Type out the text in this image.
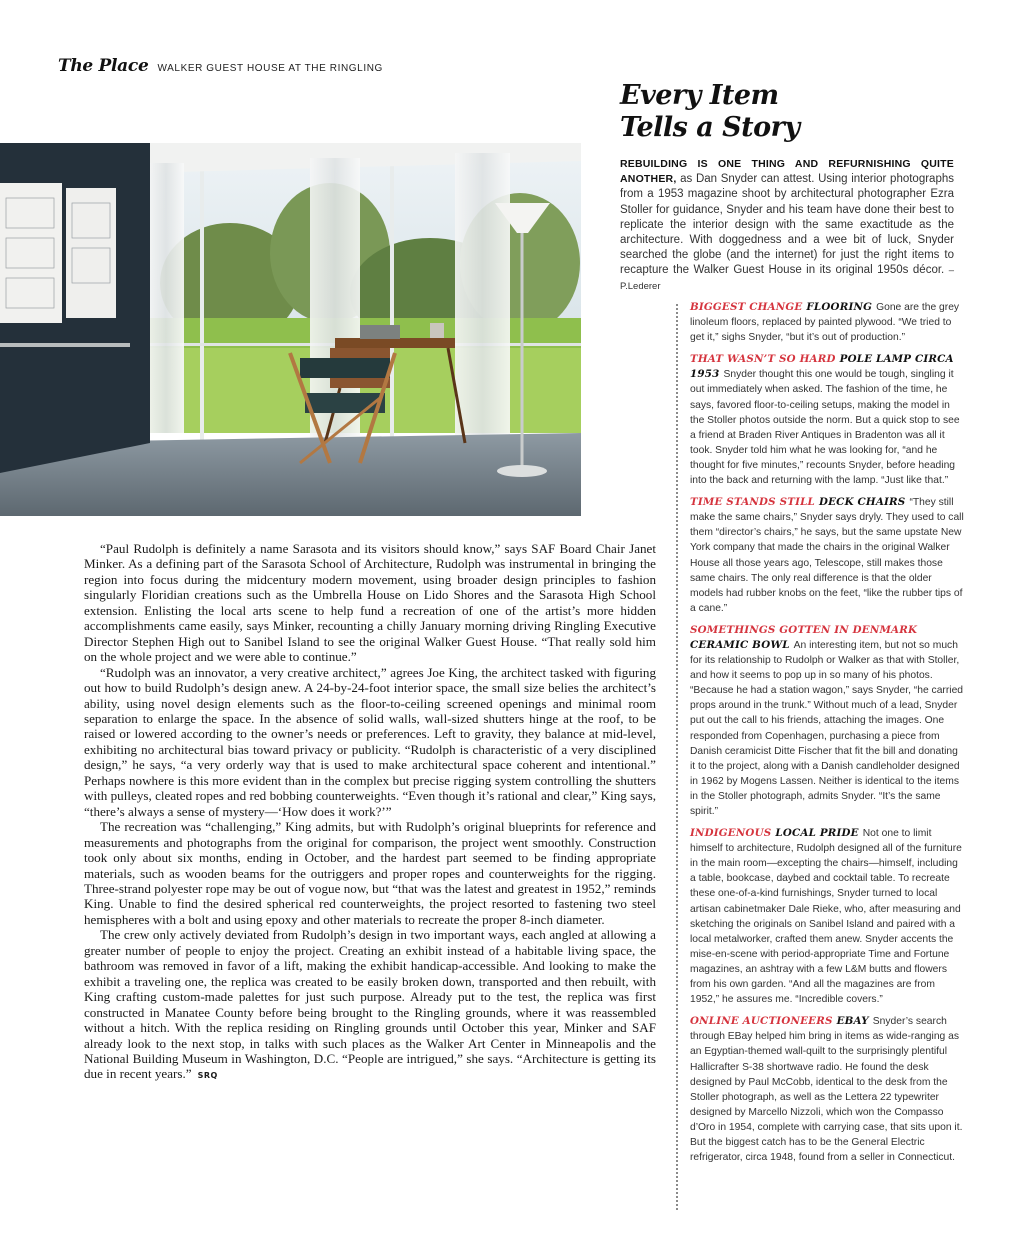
The Place WALKER GUEST HOUSE AT THE RINGLING
Every Item
Tells a Story

REBUILDING IS ONE THING AND REFURNISHING QUITE ANOTHER, as Dan Snyder can attest. Using interior photographs from a 1953 magazine shoot by architectural photographer Ezra Stoller for guidance, Snyder and his team have done their best to replicate the interior design with the same exactitude as the architecture. With doggedness and a wee bit of luck, Snyder searched the globe (and the internet) for just the right items to recapture the Walker Guest House in its original 1950s décor. –P.Lederer

BIGGEST CHANGE FLOORING Gone are the grey linoleum floors, replaced by painted plywood. “We tried to get it,” sighs Snyder, “but it’s out of production.”

THAT WASN’T SO HARD POLE LAMP CIRCA 1953 Snyder thought this one would be tough, singling it out immediately when asked. The fashion of the time, he says, favored floor-to-ceiling setups, making the model in the Stoller photos outside the norm. But a quick stop to see a friend at Braden River Antiques in Bradenton was all it took. Snyder told him what he was looking for, “and he thought for five minutes,” recounts Snyder, before heading into the back and returning with the lamp. “Just like that.”

TIME STANDS STILL DECK CHAIRS “They still make the same chairs,” Snyder says dryly. They used to call them “director’s chairs,” he says, but the same upstate New York company that made the chairs in the original Walker House all those years ago, Telescope, still makes those same chairs. The only real difference is that the older models had rubber knobs on the feet, “like the rubber tips of a cane.”

SOMETHINGS GOTTEN IN DENMARK
CERAMIC BOWL An interesting item, but not so much for its relationship to Rudolph or Walker as that with Stoller, and how it seems to pop up in so many of his photos. “Because he had a station wagon,” says Snyder, “he carried props around in the trunk.” Without much of a lead, Snyder put out the call to his friends, attaching the images. One responded from Copenhagen, purchasing a piece from Danish ceramicist Ditte Fischer that fit the bill and donating it to the project, along with a Danish candleholder designed in 1962 by Mogens Lassen. Neither is identical to the items in the Stoller photograph, admits Snyder. “It’s the same spirit.”

INDIGENOUS LOCAL PRIDE Not one to limit himself to architecture, Rudolph designed all of the furniture in the main room—excepting the chairs—himself, including a table, bookcase, daybed and cocktail table. To recreate these one-of-a-kind furnishings, Snyder turned to local artisan cabinetmaker Dale Rieke, who, after measuring and sketching the originals on Sanibel Island and paired with a local metalworker, crafted them anew. Snyder accents the mise-en-scene with period-appropriate Time and Fortune magazines, an ashtray with a few L&M butts and flowers from his own garden. “And all the magazines are from 1952,” he assures me. “Incredible covers.”

ONLINE AUCTIONEERS EBAY Snyder’s search through EBay helped him bring in items as wide-ranging as an Egyptian-themed wall-quilt to the surprisingly plentiful Hallicrafter S-38 shortwave radio. He found the desk designed by Paul McCobb, identical to the desk from the Stoller photograph, as well as the Lettera 22 typewriter designed by Marcello Nizzoli, which won the Compasso d’Oro in 1954, complete with carrying case, that sits upon it. But the biggest catch has to be the General Electric refrigerator, circa 1948, found from a seller in Connecticut.

“Paul Rudolph is definitely a name Sarasota and its visitors should know,” says SAF Board Chair Janet Minker. As a defining part of the Sarasota School of Architecture, Rudolph was instrumental in bringing the region into focus during the midcentury modern movement, using broader design principles to fashion singularly Floridian creations such as the Umbrella House on Lido Shores and the Sarasota High School extension. Enlisting the local arts scene to help fund a recreation of one of the artist’s more hidden accomplishments came easily, says Minker, recounting a chilly January morning driving Ringling Executive Director Stephen High out to Sanibel Island to see the original Walker Guest House. “That really sold him on the whole project and we were able to continue.”

“Rudolph was an innovator, a very creative architect,” agrees Joe King, the architect tasked with figuring out how to build Rudolph’s design anew. A 24-by-24-foot interior space, the small size belies the architect’s ability, using novel design elements such as the floor-to-ceiling screened openings and minimal room separation to enlarge the space. In the absence of solid walls, wall-sized shutters hinge at the roof, to be raised or lowered according to the owner’s needs or preferences. Left to gravity, they balance at mid-level, exhibiting no architectural bias toward privacy or publicity. “Rudolph is characteristic of a very disciplined design,” he says, “a very orderly way that is used to make architectural space coherent and intentional.” Perhaps nowhere is this more evident than in the complex but precise rigging system controlling the shutters with pulleys, cleated ropes and red bobbing counterweights. “Even though it’s rational and clear,” King says, “there’s always a sense of mystery—‘How does it work?’”

The recreation was “challenging,” King admits, but with Rudolph’s original blueprints for reference and measurements and photographs from the original for comparison, the project went smoothly. Construction took only about six months, ending in October, and the hardest part seemed to be finding appropriate materials, such as wooden beams for the outriggers and proper ropes and counterweights for the rigging. Three-strand polyester rope may be out of vogue now, but “that was the latest and greatest in 1952,” reminds King. Unable to find the desired spherical red counterweights, the project resorted to fastening two steel hemispheres with a bolt and using epoxy and other materials to recreate the proper 8-inch diameter.

The crew only actively deviated from Rudolph’s design in two important ways, each angled at allowing a greater number of people to enjoy the project. Creating an exhibit instead of a habitable living space, the bathroom was removed in favor of a lift, making the exhibit handicap-accessible. And looking to make the exhibit a traveling one, the replica was created to be easily broken down, transported and then rebuilt, with King crafting custom-made palettes for just such purpose. Already put to the test, the replica was first constructed in Manatee County before being brought to the Ringling grounds, where it was reassembled without a hitch. With the replica residing on Ringling grounds until October this year, Minker and SAF already look to the next stop, in talks with such places as the Walker Art Center in Minneapolis and the National Building Museum in Washington, D.C. “People are intrigued,” she says. “Architecture is getting its due in recent years.” SRQ
